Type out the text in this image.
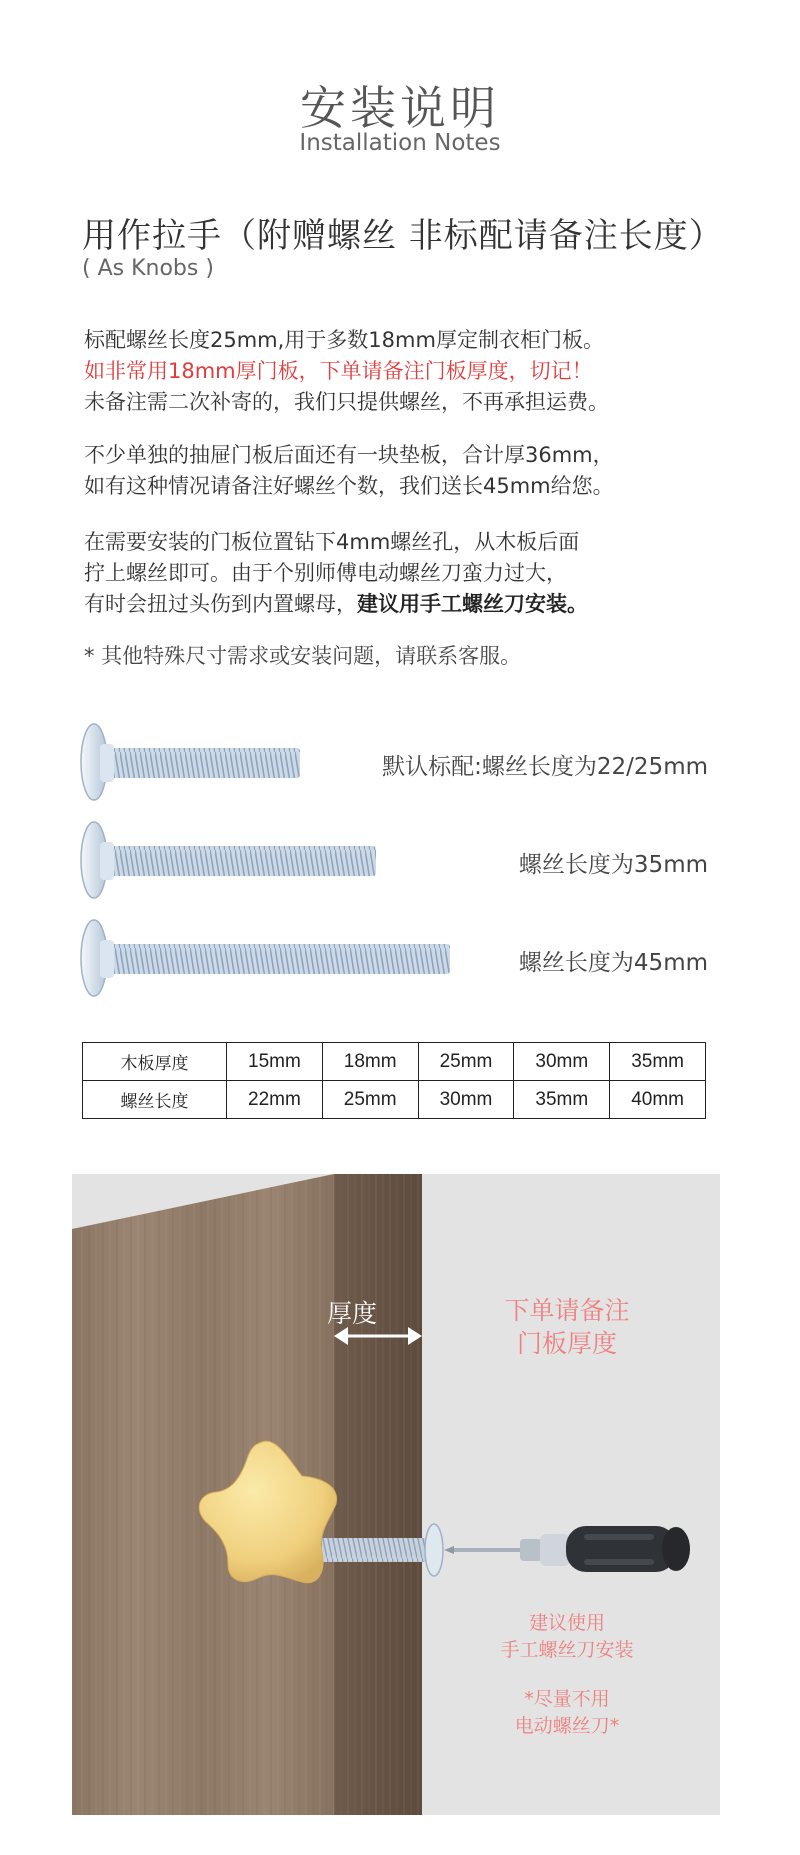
安装说明
Installation Notes
用作拉手（附赠螺丝 非标配请备注长度）
( As Knobs )
标配螺丝长度25mm,用于多数18mm厚定制衣柜门板。
如非常用18mm厚门板，下单请备注门板厚度，切记！
未备注需二次补寄的，我们只提供螺丝，不再承担运费。
不少单独的抽屉门板后面还有一块垫板，合计厚36mm，
如有这种情况请备注好螺丝个数，我们送长45mm给您。
在需要安装的门板位置钻下4mm螺丝孔，从木板后面
拧上螺丝即可。由于个别师傅电动螺丝刀蛮力过大，
有时会扭过头伤到内置螺母，建议用手工螺丝刀安装。
* 其他特殊尺寸需求或安装问题，请联系客服。
默认标配:螺丝长度为22/25mm
螺丝长度为35mm
螺丝长度为45mm
木板厚度	15mm	18mm	25mm	30mm	35mm
螺丝长度	22mm	25mm	30mm	35mm	40mm
厚度	下单请备注
门板厚度
建议使用
手工螺丝刀安装
*尽量不用
电动螺丝刀*
